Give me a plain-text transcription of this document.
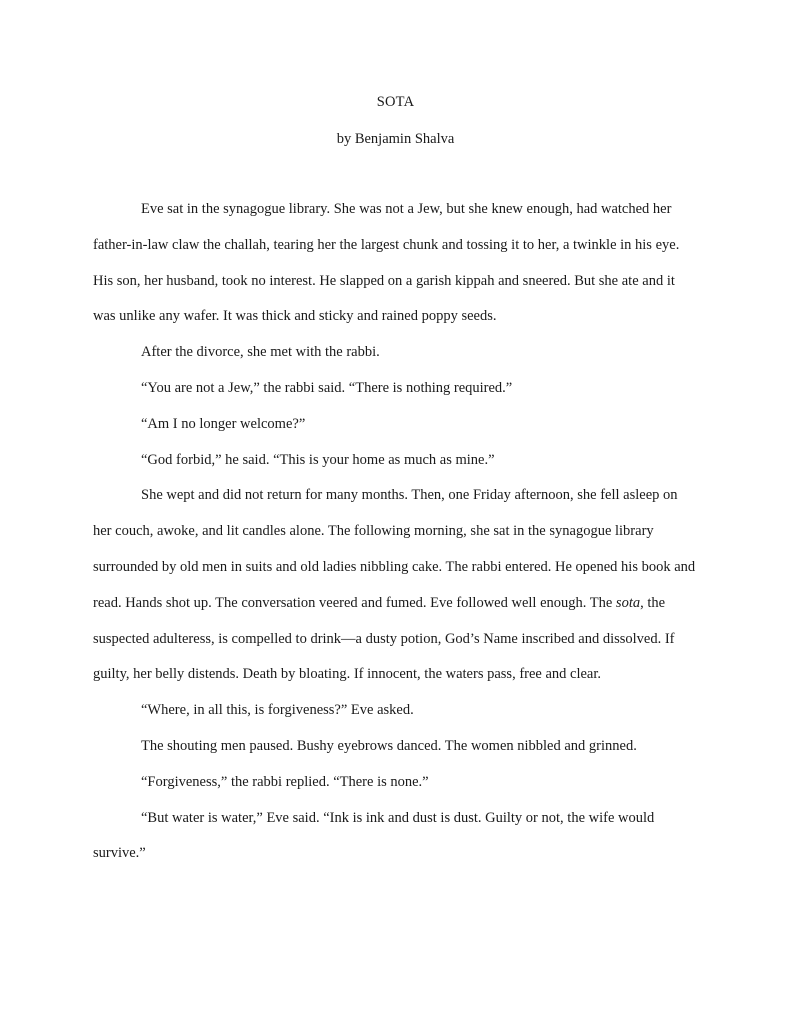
SOTA
by Benjamin Shalva

Eve sat in the synagogue library. She was not a Jew, but she knew enough, had watched her father-in-law claw the challah, tearing her the largest chunk and tossing it to her, a twinkle in his eye. His son, her husband, took no interest. He slapped on a garish kippah and sneered. But she ate and it was unlike any wafer. It was thick and sticky and rained poppy seeds.

After the divorce, she met with the rabbi.

“You are not a Jew,” the rabbi said. “There is nothing required.”

“Am I no longer welcome?”

“God forbid,” he said. “This is your home as much as mine.”

She wept and did not return for many months. Then, one Friday afternoon, she fell asleep on her couch, awoke, and lit candles alone. The following morning, she sat in the synagogue library surrounded by old men in suits and old ladies nibbling cake. The rabbi entered. He opened his book and read. Hands shot up. The conversation veered and fumed. Eve followed well enough. The sota, the suspected adulteress, is compelled to drink—a dusty potion, God’s Name inscribed and dissolved. If guilty, her belly distends. Death by bloating. If innocent, the waters pass, free and clear.

“Where, in all this, is forgiveness?” Eve asked.

The shouting men paused. Bushy eyebrows danced. The women nibbled and grinned.

“Forgiveness,” the rabbi replied. “There is none.”

“But water is water,” Eve said. “Ink is ink and dust is dust. Guilty or not, the wife would survive.”
